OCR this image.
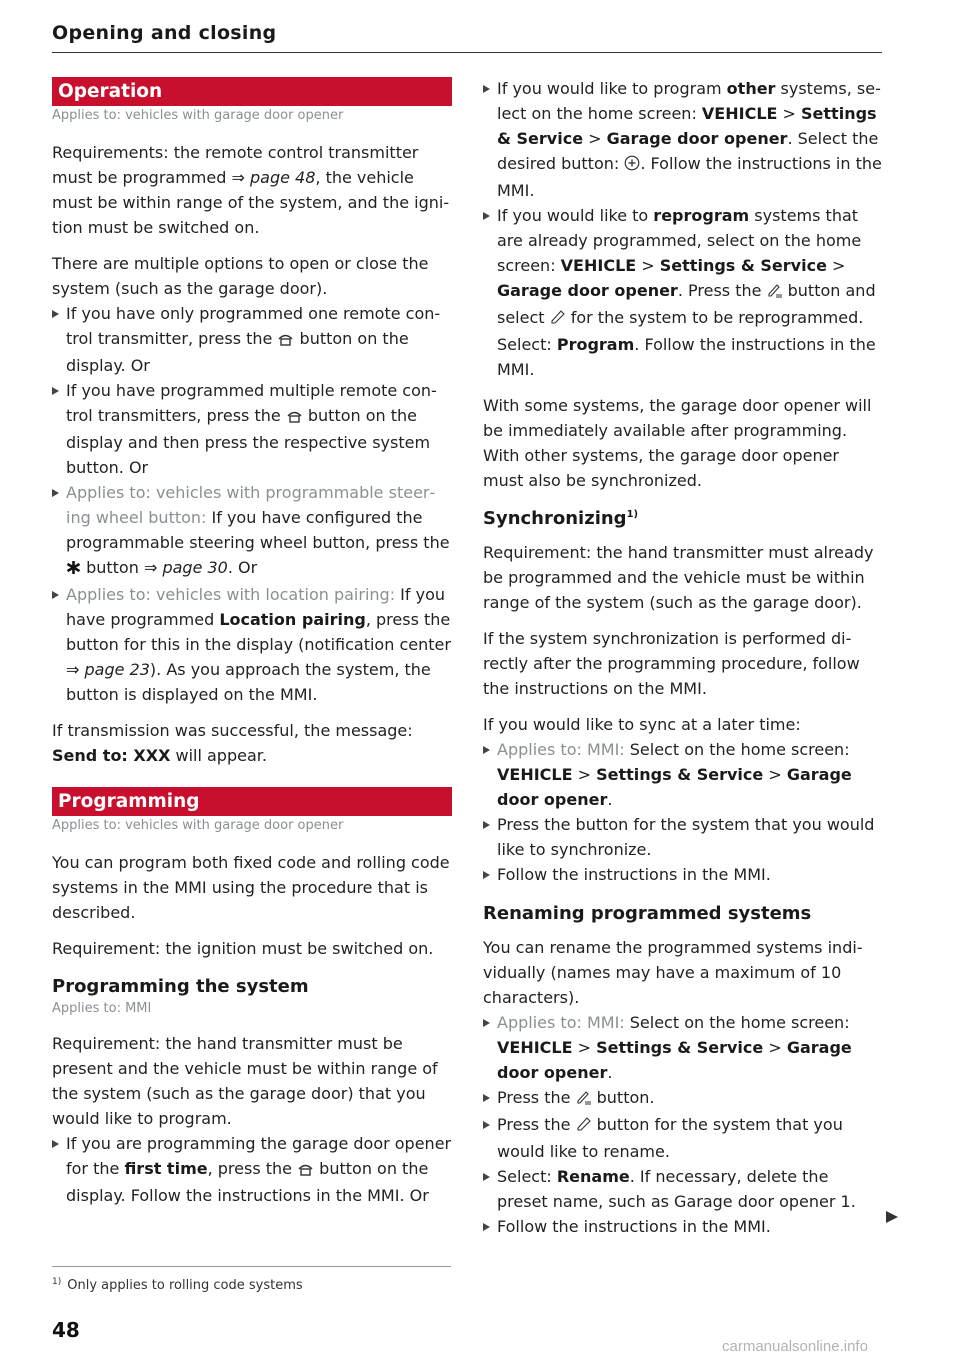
Opening and closing
Operation

Applies to: vehicles with garage door opener

Requirements: the remote control transmitter must be programmed ⇒ page 48, the vehicle must be within range of the system, and the ignition must be switched on.

There are multiple options to open or close the system (such as the garage door).

If you have only programmed one remote control transmitter, press the  button on the display. Or
If you have programmed multiple remote control transmitters, press the  button on the display and then press the respective system button. Or
Applies to: vehicles with programmable steering wheel button: If you have configured the programmable steering wheel button, press the  button ⇒ page 30. Or
Applies to: vehicles with location pairing: If you have programmed Location pairing, press the button for this in the display (notification center ⇒ page 23). As you approach the system, the button is displayed on the MMI.

If transmission was successful, the message: Send to: XXX will appear.

Programming

Applies to: vehicles with garage door opener

You can program both fixed code and rolling code systems in the MMI using the procedure that is described.

Requirement: the ignition must be switched on.

Programming the system

Applies to: MMI

Requirement: the hand transmitter must be present and the vehicle must be within range of the system (such as the garage door) that you would like to program.

If you are programming the garage door opener for the first time, press the  button on the display. Follow the instructions in the MMI. Or
If you would like to program other systems, select on the home screen: VEHICLE > Settings & Service > Garage door opener. Select the desired button: . Follow the instructions in the MMI.
If you would like to reprogram systems that are already programmed, select on the home screen: VEHICLE > Settings & Service > Garage door opener. Press the  button and select  for the system to be reprogrammed. Select: Program. Follow the instructions in the MMI.

With some systems, the garage door opener will be immediately available after programming. With other systems, the garage door opener must also be synchronized.

Synchronizing$^{1)}$

Requirement: the hand transmitter must already be programmed and the vehicle must be within range of the system (such as the garage door).

If the system synchronization is performed directly after the programming procedure, follow the instructions on the MMI.

If you would like to sync at a later time:

Applies to: MMI: Select on the home screen: VEHICLE > Settings & Service > Garage door opener.
Press the button for the system that you would like to synchronize.
Follow the instructions in the MMI.
Renaming programmed systems

You can rename the programmed systems individually (names may have a maximum of 10 characters).

Applies to: MMI: Select on the home screen: VEHICLE > Settings & Service > Garage door opener.
Press the  button.
Press the  button for the system that you would like to rename.
Select: Rename. If necessary, delete the preset name, such as Garage door opener 1.
Follow the instructions in the MMI.
$^{1)}$ Only applies to rolling code systems
48
carmanualsonline.info
